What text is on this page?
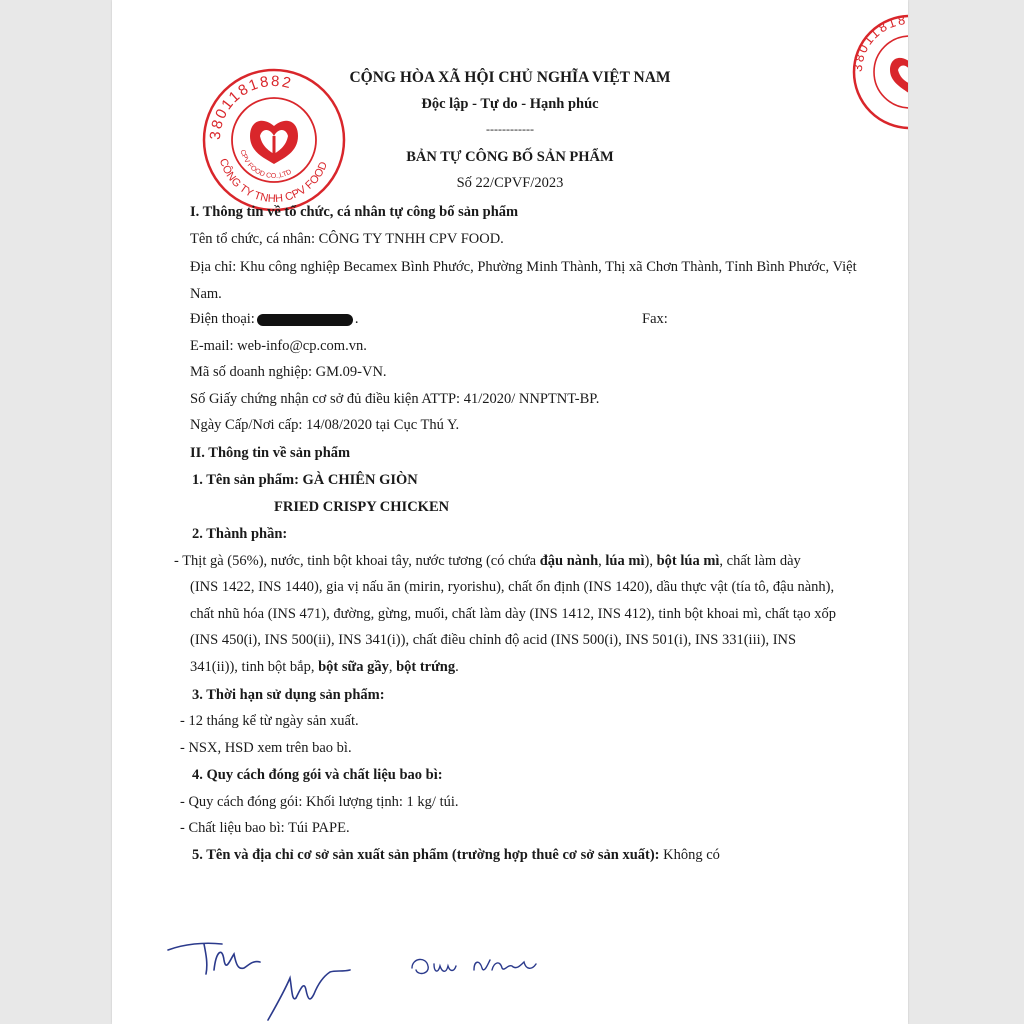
3801181882
CÔNG TY TNHH CPV FOOD
CPV FOOD CO.,LTD
3801181882
CỘNG HÒA XÃ HỘI CHỦ NGHĨA VIỆT NAM
Độc lập - Tự do - Hạnh phúc
------------
BẢN TỰ CÔNG BỐ SẢN PHẨM
Số 22/CPVF/2023
I. Thông tin về tổ chức, cá nhân tự công bố sản phẩm
Tên tổ chức, cá nhân: CÔNG TY TNHH CPV FOOD.
Địa chỉ: Khu công nghiệp Becamex Bình Phước, Phường Minh Thành, Thị xã Chơn Thành, Tỉnh Bình Phước, Việt
Nam.
Điện thoại:	.	Fax:
E-mail: web-info@cp.com.vn.
Mã số doanh nghiệp: GM.09-VN.
Số Giấy chứng nhận cơ sở đủ điều kiện ATTP: 41/2020/ NNPTNT-BP.
Ngày Cấp/Nơi cấp: 14/08/2020 tại Cục Thú Y.
II. Thông tin về sản phẩm
1. Tên sản phẩm: GÀ CHIÊN GIÒN
FRIED CRISPY CHICKEN
2. Thành phần:
- Thịt gà (56%), nước, tinh bột khoai tây, nước tương (có chứa đậu nành, lúa mì), bột lúa mì, chất làm dày
(INS 1422, INS 1440), gia vị nấu ăn (mirin, ryorishu), chất ổn định (INS 1420), dầu thực vật (tía tô, đậu nành),
chất nhũ hóa (INS 471), đường, gừng, muối, chất làm dày (INS 1412, INS 412), tinh bột khoai mì, chất tạo xốp
(INS 450(i), INS 500(ii), INS 341(i)), chất điều chỉnh độ acid (INS 500(i), INS 501(i), INS 331(iii), INS
341(ii)), tinh bột bắp, bột sữa gầy, bột trứng.
3. Thời hạn sử dụng sản phẩm:
- 12 tháng kể từ ngày sản xuất.
- NSX, HSD xem trên bao bì.
4. Quy cách đóng gói và chất liệu bao bì:
- Quy cách đóng gói: Khối lượng tịnh: 1 kg/ túi.
- Chất liệu bao bì: Túi PAPE.
5. Tên và địa chỉ cơ sở sản xuất sản phẩm (trường hợp thuê cơ sở sản xuất): Không có
